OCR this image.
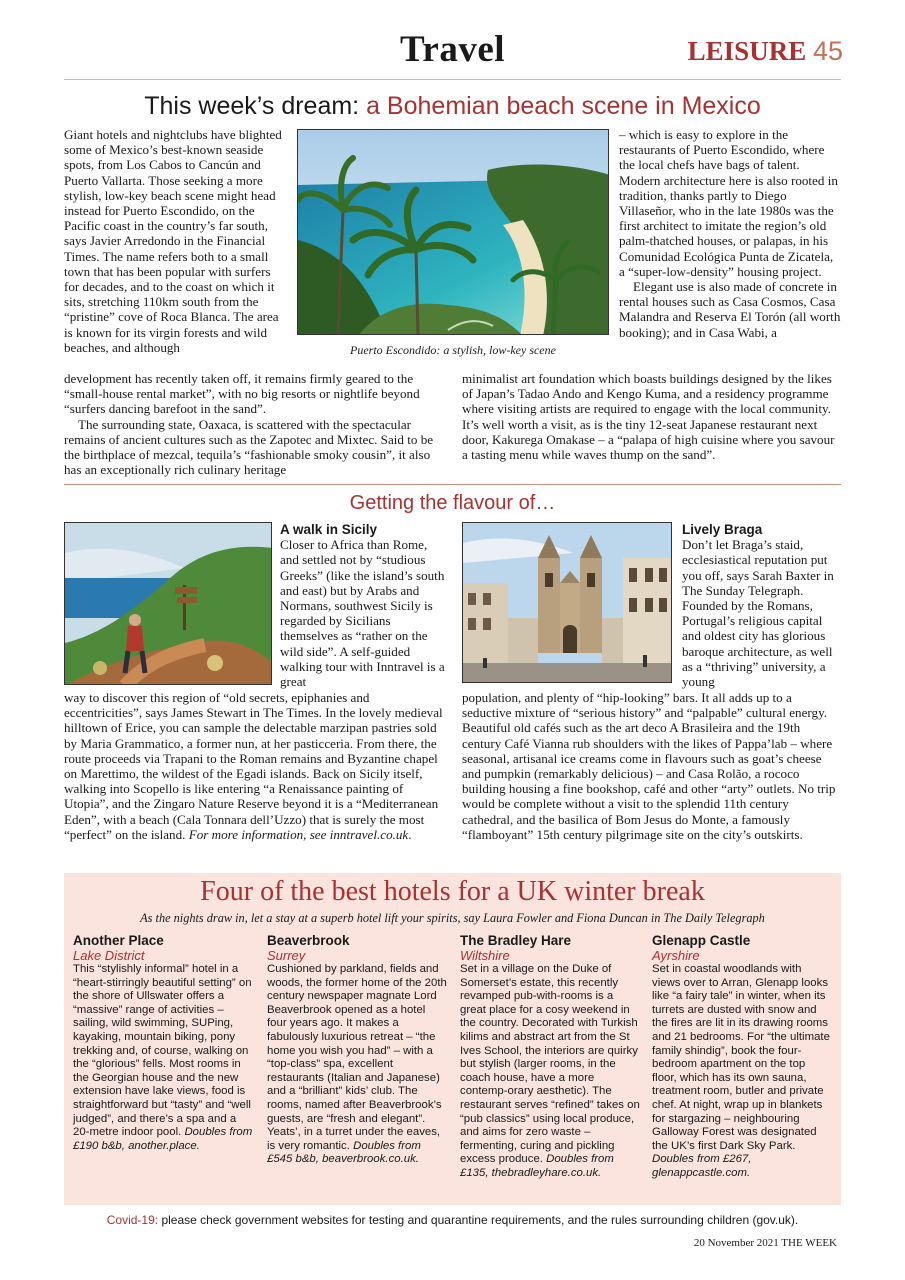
Travel	LEISURE 45
This week’s dream: a Bohemian beach scene in Mexico

Giant hotels and nightclubs have blighted some of Mexico’s best-known seaside spots, from Los Cabos to Cancún and Puerto Vallarta. Those seeking a more stylish, low-key beach scene might head instead for Puerto Escondido, on the Pacific coast in the country’s far south, says Javier Arredondo in the Financial Times. The name refers both to a small town that has been popular with surfers for decades, and to the coast on which it sits, stretching 110km south from the “pristine” cove of Roca Blanca. The area is known for its virgin forests and wild beaches, and although	Puerto Escondido: a stylish, low-key scene

– which is easy to explore in the restaurants of Puerto Escondido, where the local chefs have bags of talent. Modern architecture here is also rooted in tradition, thanks partly to Diego Villaseñor, who in the late 1980s was the first architect to imitate the region’s old palm-thatched houses, or palapas, in his Comunidad Ecológica Punta de Zicatela, a “super-low-density” housing project.

Elegant use is also made of concrete in rental houses such as Casa Cosmos, Casa Malandra and Reserva El Torón (all worth booking); and in Casa Wabi, a

development has recently taken off, it remains firmly geared to the “small-house rental market”, with no big resorts or nightlife beyond “surfers dancing barefoot in the sand”.

The surrounding state, Oaxaca, is scattered with the spectacular remains of ancient cultures such as the Zapotec and Mixtec. Said to be the birthplace of mezcal, tequila’s “fashionable smoky cousin”, it also has an exceptionally rich culinary heritage

minimalist art foundation which boasts buildings designed by the likes of Japan’s Tadao Ando and Kengo Kuma, and a residency programme where visiting artists are required to engage with the local community. It’s well worth a visit, as is the tiny 12-seat Japanese restaurant next door, Kakurega Omakase – a “palapa of high cuisine where you savour a tasting menu while waves thump on the sand”.

Getting the flavour of…
A walk in Sicily

Closer to Africa than Rome, and settled not by “studious Greeks” (like the island’s south and east) but by Arabs and Normans, southwest Sicily is regarded by Sicilians themselves as “rather on the wild side”. A self-guided walking tour with Inntravel is a great

way to discover this region of “old secrets, epiphanies and eccentricities”, says James Stewart in The Times. In the lovely medieval hilltown of Erice, you can sample the delectable marzipan pastries sold by Maria Grammatico, a former nun, at her pasticceria. From there, the route proceeds via Trapani to the Roman remains and Byzantine chapel on Marettimo, the wildest of the Egadi islands. Back on Sicily itself, walking into Scopello is like entering “a Renaissance painting of Utopia”, and the Zingaro Nature Reserve beyond it is a “Mediterranean Eden”, with a beach (Cala Tonnara dell’Uzzo) that is surely the most “perfect” on the island. For more information, see inntravel.co.uk.

Lively Braga

Don’t let Braga’s staid, ecclesiastical reputation put you off, says Sarah Baxter in The Sunday Telegraph. Founded by the Romans, Portugal’s religious capital and oldest city has glorious baroque architecture, as well as a “thriving” university, a young

population, and plenty of “hip-looking” bars. It all adds up to a seductive mixture of “serious history” and “palpable” cultural energy. Beautiful old cafés such as the art deco A Brasileira and the 19th century Café Vianna rub shoulders with the likes of Pappa’lab – where seasonal, artisanal ice creams come in flavours such as goat’s cheese and pumpkin (remarkably delicious) – and Casa Rolão, a rococo building housing a fine bookshop, café and other “arty” outlets. No trip would be complete without a visit to the splendid 11th century cathedral, and the basilica of Bom Jesus do Monte, a famously “flamboyant” 15th century pilgrimage site on the city’s outskirts.

Four of the best hotels for a UK winter break
As the nights draw in, let a stay at a superb hotel lift your spirits, say Laura Fowler and Fiona Duncan in The Daily Telegraph
Another Place
Lake District
This “stylishly informal” hotel in a “heart-stirringly beautiful setting” on the shore of Ullswater offers a “massive” range of activities – sailing, wild swimming, SUPing, kayaking, mountain biking, pony trekking and, of course, walking on the “glorious” fells. Most rooms in the Georgian house and the new extension have lake views, food is straightforward but “tasty” and “well judged”, and there’s a spa and a 20-metre indoor pool. Doubles from £190 b&b, another.place.
Beaverbrook
Surrey
Cushioned by parkland, fields and woods, the former home of the 20th century newspaper magnate Lord Beaverbrook opened as a hotel four years ago. It makes a fabulously luxurious retreat – “the home you wish you had” – with a “top-class” spa, excellent restaurants (Italian and Japanese) and a “brilliant” kids’ club. The rooms, named after Beaverbrook’s guests, are “fresh and elegant”. Yeats’, in a turret under the eaves, is very romantic. Doubles from £545 b&b, beaverbrook.co.uk.
The Bradley Hare
Wiltshire
Set in a village on the Duke of Somerset’s estate, this recently revamped pub-with-rooms is a great place for a cosy weekend in the country. Decorated with Turkish kilims and abstract art from the St Ives School, the interiors are quirky but stylish (larger rooms, in the coach house, have a more contemp-orary aesthetic). The restaurant serves “refined” takes on “pub classics” using local produce, and aims for zero waste – fermenting, curing and pickling excess produce. Doubles from £135, thebradleyhare.co.uk.
Glenapp Castle
Ayrshire
Set in coastal woodlands with views over to Arran, Glenapp looks like “a fairy tale” in winter, when its turrets are dusted with snow and the fires are lit in its drawing rooms and 21 bedrooms. For “the ultimate family shindig”, book the four-bedroom apartment on the top floor, which has its own sauna, treatment room, butler and private chef. At night, wrap up in blankets for stargazing – neighbouring Galloway Forest was designated the UK’s first Dark Sky Park. Doubles from £267, glenappcastle.com.
Covid-19: please check government websites for testing and quarantine requirements, and the rules surrounding children (gov.uk).
20 November 2021 THE WEEK
